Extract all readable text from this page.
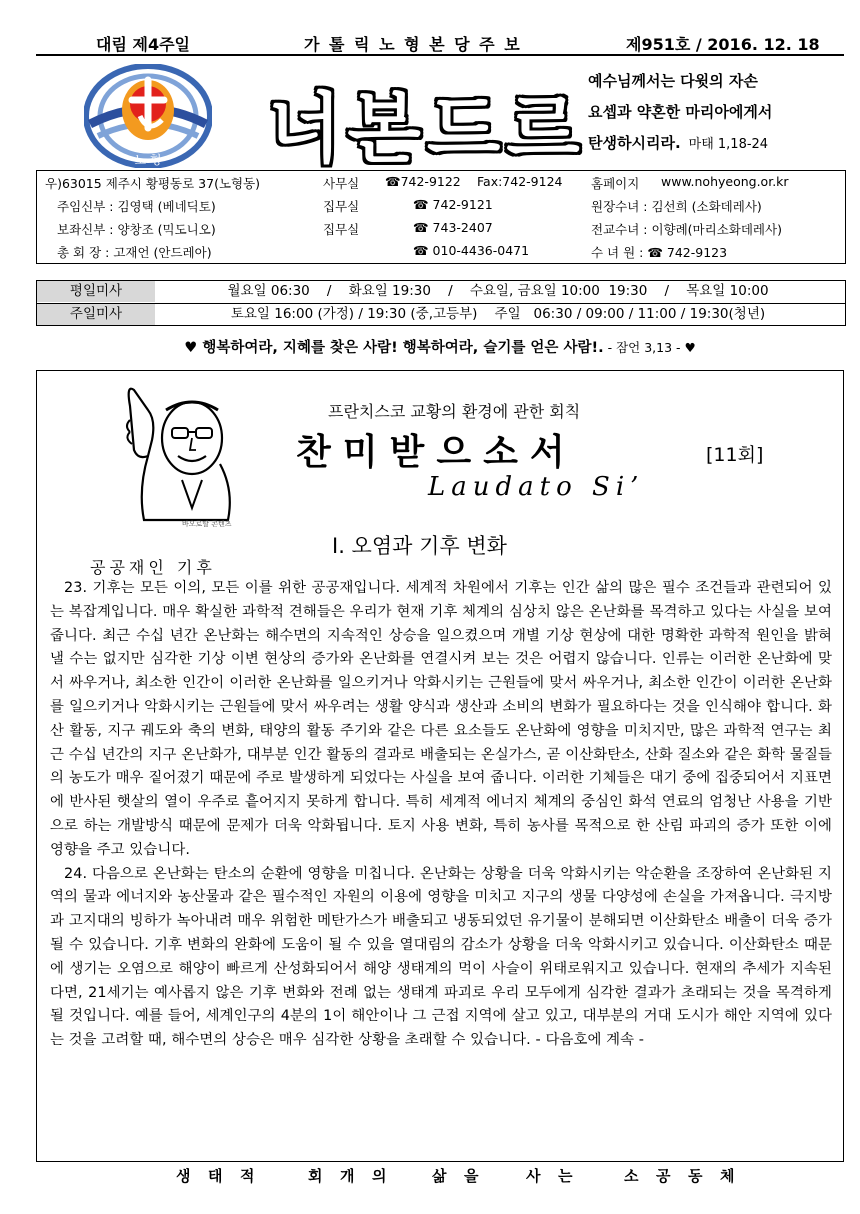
대림 제4주일	가 톨 릭 노 형 본 당 주 보	제951호 / 2016. 12. 18
노 형 너본드르
예수님께서는 다윗의 자손
요셉과 약혼한 마리아에게서
탄생하시리라. 마태 1,18-24
우)63015 제주시 황평동로 37(노형동)	사무실 ☎742-9122 Fax:742-9124 홈페이지 www.nohyeong.or.kr
주임신부 : 김영택 (베네딕토)	집무실	☎ 742-9121	원장수녀 : 김선희 (소화데레사)
보좌신부 : 양창조 (믹도니오)	집무실	☎ 743-2407	전교수녀 : 이향례(마리소화데레사)
총 회 장 : 고재언 (안드레아)	☎ 010-4436-0471	수 녀 원 : ☎ 742-9123
평일미사	월요일 06:30    /    화요일 19:30    /    수요일, 금요일 10:00  19:30    /    목요일 10:00
주일미사	토요일 16:00 (가정) / 19:30 (중,고등부)    주일   06:30 / 09:00 / 11:00 / 19:30(청년)
♥ 행복하여라, 지혜를 찾은 사람! 행복하여라, 슬기를 얻은 사람!. - 잠언 3,13 - ♥
바오로딸 콘텐츠
프란치스코 교황의 환경에 관한 회칙
찬미받으소서	[11회]
Laudato Si’
Ⅰ. 오염과 기후 변화
공공재인 기후

23. 기후는 모든 이의, 모든 이를 위한 공공재입니다. 세계적 차원에서 기후는 인간 삶의 많은 필수 조건들과 관련되어 있는 복잡계입니다. 매우 확실한 과학적 견해들은 우리가 현재 기후 체계의 심상치 않은 온난화를 목격하고 있다는 사실을 보여줍니다. 최근 수십 년간 온난화는 해수면의 지속적인 상승을 일으켰으며 개별 기상 현상에 대한 명확한 과학적 원인을 밝혀 낼 수는 없지만 심각한 기상 이변 현상의 증가와 온난화를 연결시켜 보는 것은 어렵지 않습니다. 인류는 이러한 온난화에 맞서 싸우거나, 최소한 인간이 이러한 온난화를 일으키거나 악화시키는 근원들에 맞서 싸우거나, 최소한 인간이 이러한 온난화를 일으키거나 악화시키는 근원들에 맞서 싸우려는 생활 양식과 생산과 소비의 변화가 필요하다는 것을 인식해야 합니다. 화산 활동, 지구 궤도와 축의 변화, 태양의 활동 주기와 같은 다른 요소들도 온난화에 영향을 미치지만, 많은 과학적 연구는 최근 수십 년간의 지구 온난화가, 대부분 인간 활동의 결과로 배출되는 온실가스, 곧 이산화탄소, 산화 질소와 같은 화학 물질들의 농도가 매우 짙어졌기 때문에 주로 발생하게 되었다는 사실을 보여 줍니다. 이러한 기체들은 대기 중에 집중되어서 지표면에 반사된 햇살의 열이 우주로 흩어지지 못하게 합니다. 특히 세계적 에너지 체계의 중심인 화석 연료의 엄청난 사용을 기반으로 하는 개발방식 때문에 문제가 더욱 악화됩니다. 토지 사용 변화, 특히 농사를 목적으로 한 산림 파괴의 증가 또한 이에 영향을 주고 있습니다.

24. 다음으로 온난화는 탄소의 순환에 영향을 미칩니다. 온난화는 상황을 더욱 악화시키는 악순환을 조장하여 온난화된 지역의 물과 에너지와 농산물과 같은 필수적인 자원의 이용에 영향을 미치고 지구의 생물 다양성에 손실을 가져옵니다. 극지방과 고지대의 빙하가 녹아내려 매우 위험한 메탄가스가 배출되고 냉동되었던 유기물이 분해되면 이산화탄소 배출이 더욱 증가될 수 있습니다. 기후 변화의 완화에 도움이 될 수 있을 열대림의 감소가 상황을 더욱 악화시키고 있습니다. 이산화탄소 때문에 생기는 오염으로 해양이 빠르게 산성화되어서 해양 생태계의 먹이 사슬이 위태로워지고 있습니다. 현재의 추세가 지속된다면, 21세기는 예사롭지 않은 기후 변화와 전례 없는 생태계 파괴로 우리 모두에게 심각한 결과가 초래되는 것을 목격하게 될 것입니다. 예를 들어, 세계인구의 4분의 1이 해안이나 그 근접 지역에 살고 있고, 대부분의 거대 도시가 해안 지역에 있다는 것을 고려할 때, 해수면의 상승은 매우 심각한 상황을 초래할 수 있습니다. - 다음호에 계속 -

생 태 적	회 개 의	삶 을	사 는	소 공 동 체
